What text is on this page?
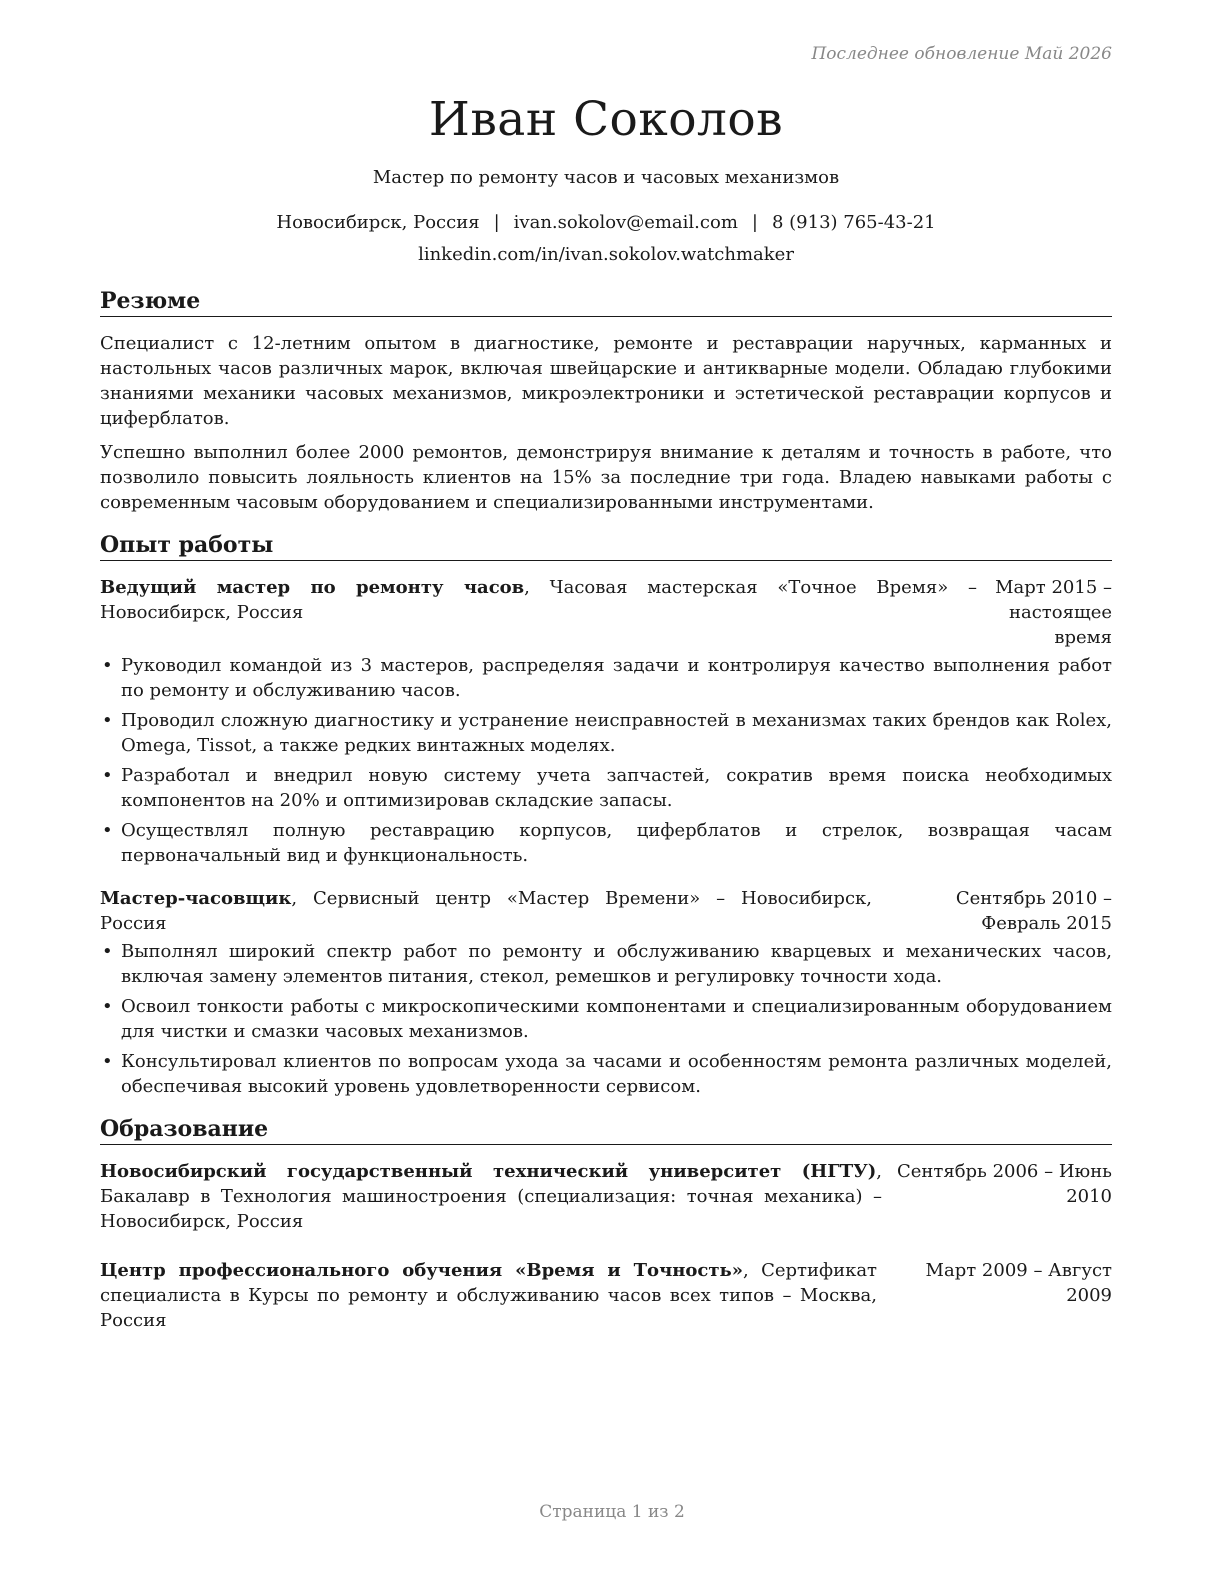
Последнее обновление Май 2026
Иван Соколов
Мастер по ремонту часов и часовых механизмов
Новосибирск, Россия | ivan.sokolov@email.com | 8 (913) 765-43-21
linkedin.com/in/ivan.sokolov.watchmaker
Резюме

Специалист с 12-летним опытом в диагностике, ремонте и реставрации наручных, карманных и настольных часов различных марок, включая швейцарские и антикварные модели. Обладаю глубокими знаниями механики часовых механизмов, микроэлектроники и эстетической реставрации корпусов и циферблатов.

Успешно выполнил более 2000 ремонтов, демонстрируя внимание к деталям и точность в работе, что позволило повысить лояльность клиентов на 15% за последние три года. Владею навыками работы с современным часовым оборудованием и специализированными инструментами.

Опыт работы
Ведущий мастер по ремонту часов, Часовая мастерская «Точное Время» – Новосибирск, Россия
Март 2015 – настоящее время
• Руководил командой из 3 мастеров, распределяя задачи и контролируя качество выполнения работ по ремонту и обслуживанию часов.
• Проводил сложную диагностику и устранение неисправностей в механизмах таких брендов как Rolex, Omega, Tissot, а также редких винтажных моделях.
• Разработал и внедрил новую систему учета запчастей, сократив время поиска необходимых компонентов на 20% и оптимизировав складские запасы.
• Осуществлял полную реставрацию корпусов, циферблатов и стрелок, возвращая часам первоначальный вид и функциональность.
Мастер-часовщик, Сервисный центр «Мастер Времени» – Новосибирск, Россия
Сентябрь 2010 – Февраль 2015
• Выполнял широкий спектр работ по ремонту и обслуживанию кварцевых и механических часов, включая замену элементов питания, стекол, ремешков и регулировку точности хода.
• Освоил тонкости работы с микроскопическими компонентами и специализированным оборудованием для чистки и смазки часовых механизмов.
• Консультировал клиентов по вопросам ухода за часами и особенностям ремонта различных моделей, обеспечивая высокий уровень удовлетворенности сервисом.
Образование
Новосибирский государственный технический университет (НГТУ), Бакалавр в Технология машиностроения (специализация: точная механика) – Новосибирск, Россия
Сентябрь 2006 – Июнь 2010
Центр профессионального обучения «Время и Точность», Сертификат специалиста в Курсы по ремонту и обслуживанию часов всех типов – Москва, Россия
Март 2009 – Август 2009
Страница 1 из 2
